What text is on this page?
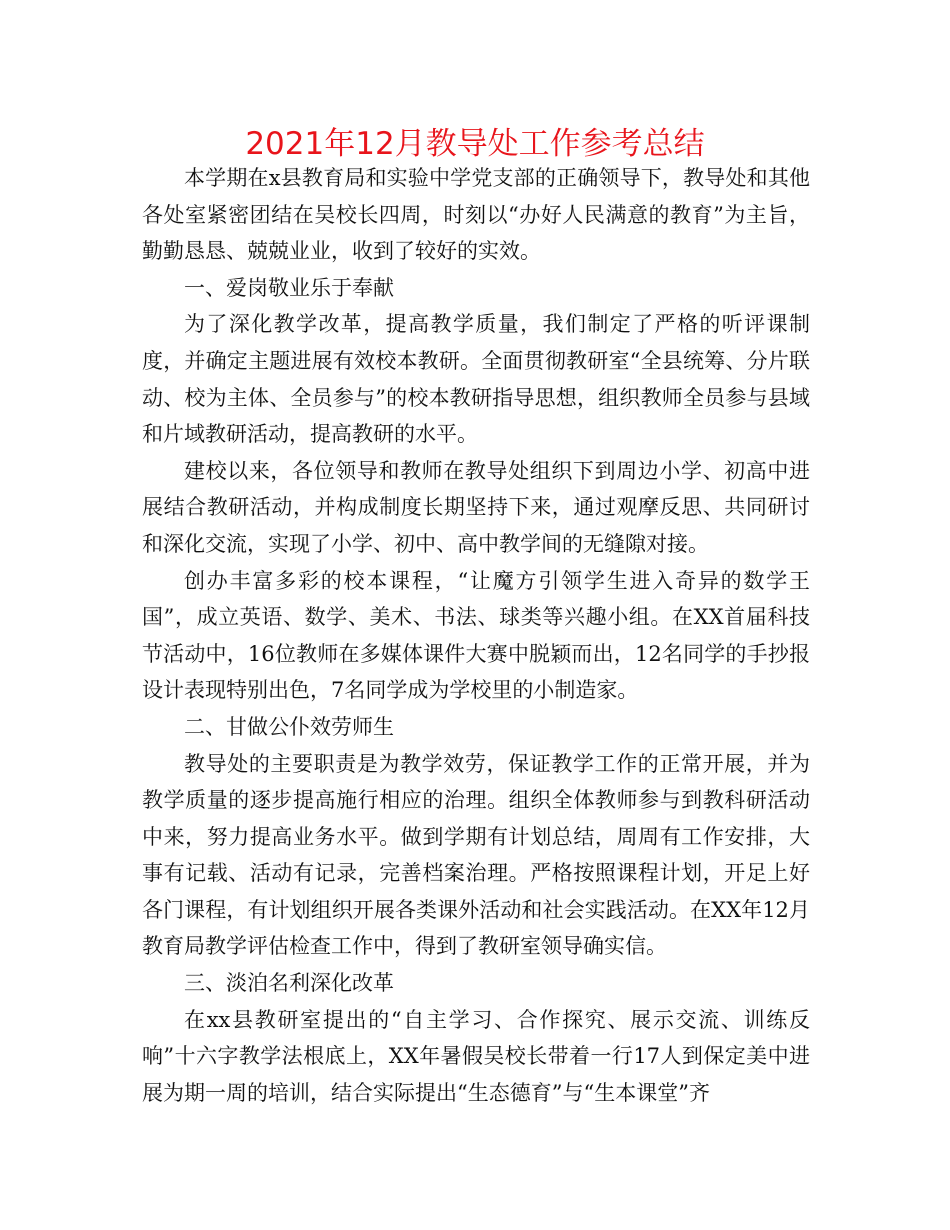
2021年12月教导处工作参考总结

本学期在x县教育局和实验中学党支部的正确领导下，教导处和其他各处室紧密团结在吴校长四周，时刻以“办好人民满意的教育”为主旨，勤勤恳恳、兢兢业业，收到了较好的实效。

一、爱岗敬业乐于奉献

为了深化教学改革，提高教学质量，我们制定了严格的听评课制度，并确定主题进展有效校本教研。全面贯彻教研室“全县统筹、分片联动、校为主体、全员参与”的校本教研指导思想，组织教师全员参与县域和片域教研活动，提高教研的水平。

建校以来，各位领导和教师在教导处组织下到周边小学、初高中进展结合教研活动，并构成制度长期坚持下来，通过观摩反思、共同研讨和深化交流，实现了小学、初中、高中教学间的无缝隙对接。

创办丰富多彩的校本课程，“让魔方引领学生进入奇异的数学王国”，成立英语、数学、美术、书法、球类等兴趣小组。在XX首届科技节活动中，16位教师在多媒体课件大赛中脱颖而出，12名同学的手抄报设计表现特别出色，7名同学成为学校里的小制造家。

二、甘做公仆效劳师生

教导处的主要职责是为教学效劳，保证教学工作的正常开展，并为教学质量的逐步提高施行相应的治理。组织全体教师参与到教科研活动中来，努力提高业务水平。做到学期有计划总结，周周有工作安排，大事有记载、活动有记录，完善档案治理。严格按照课程计划，开足上好各门课程，有计划组织开展各类课外活动和社会实践活动。在XX年12月教育局教学评估检查工作中，得到了教研室领导确实信。

三、淡泊名利深化改革

在xx县教研室提出的“自主学习、合作探究、展示交流、训练反响”十六字教学法根底上，XX年暑假吴校长带着一行17人到保定美中进展为期一周的培训，结合实际提出“生态德育”与“生本课堂”齐
